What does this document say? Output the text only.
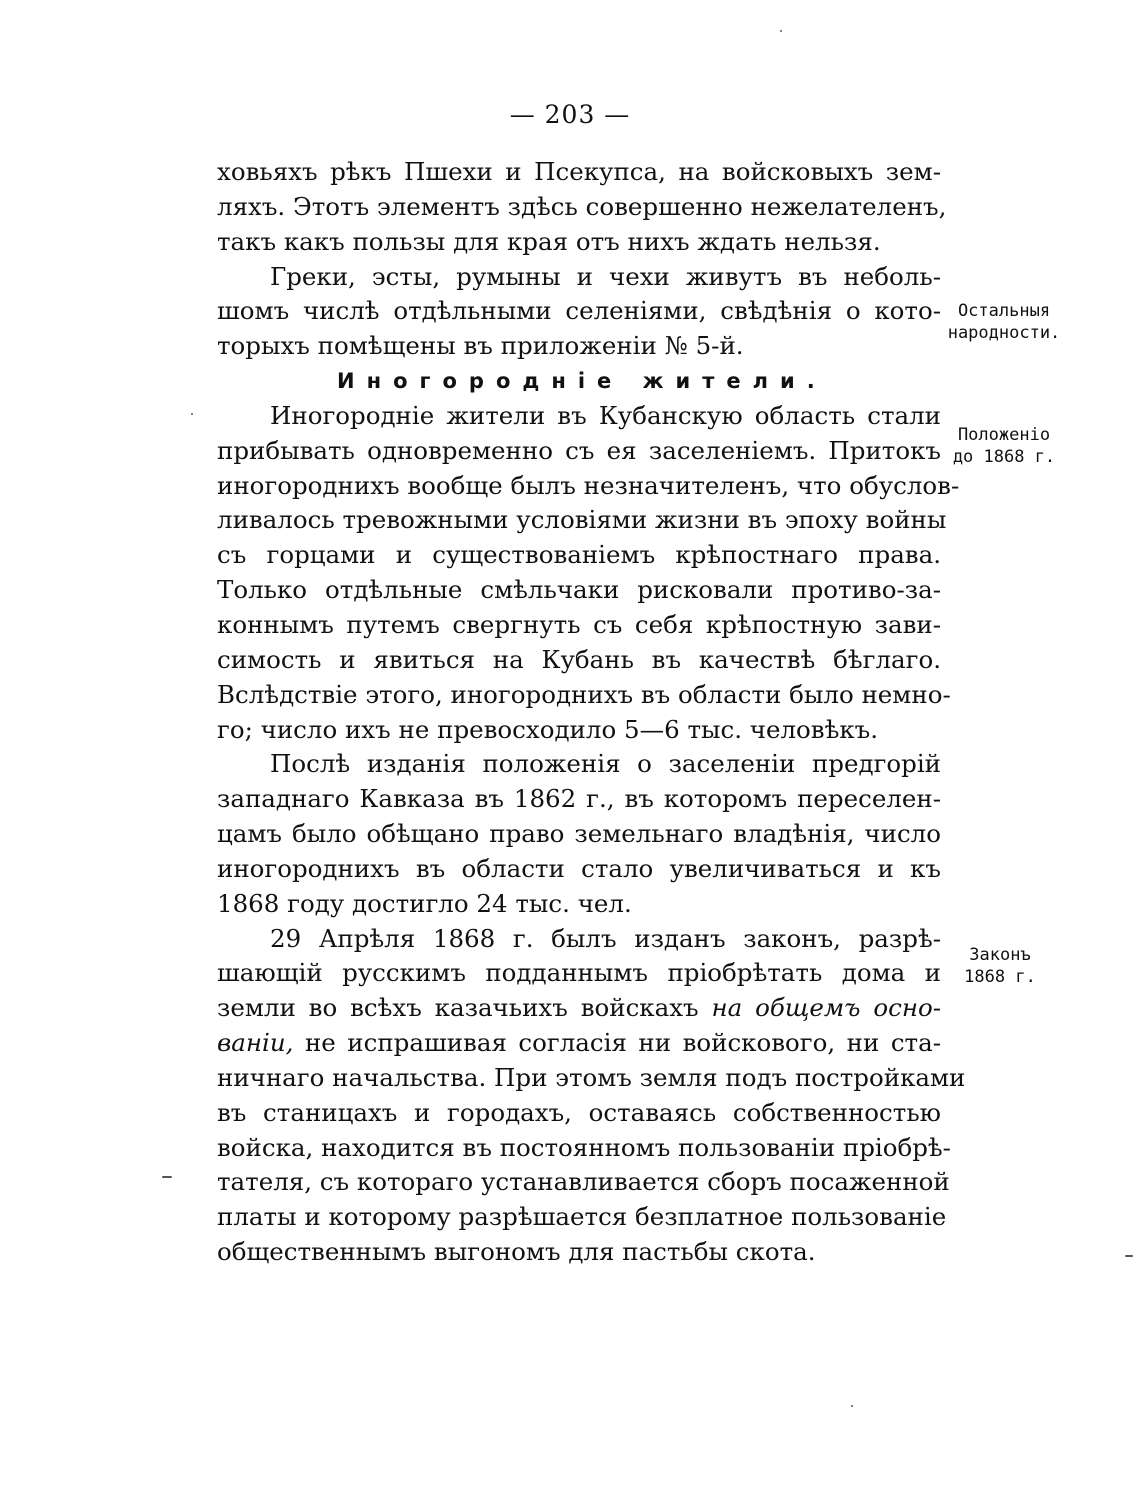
— 203 —
ховьяхъ рѣкъ Пшехи и Псекупса, на войсковыхъ зем-
ляхъ. Этотъ элементъ здѣсь совершенно нежелателенъ,
такъ какъ пользы для края отъ нихъ ждать нельзя.
Греки, эсты, румыны и чехи живутъ въ неболь-
шомъ числѣ отдѣльными селеніями, свѣдѣнія о кото-
торыхъ помѣщены въ приложеніи № 5-й.
Иногородніе жители.
Иногородніе жители въ Кубанскую область стали
прибывать одновременно съ ея заселеніемъ. Притокъ
иногороднихъ вообще былъ незначителенъ, что обуслов-
ливалось тревожными условіями жизни въ эпоху войны
съ горцами и существованіемъ крѣпостнаго права.
Только отдѣльные смѣльчаки рисковали противо-за-
коннымъ путемъ свергнуть съ себя крѣпостную зави-
симость и явиться на Кубань въ качествѣ бѣглаго.
Вслѣдствіе этого, иногороднихъ въ области было немно-
го; число ихъ не превосходило 5—6 тыс. человѣкъ.
Послѣ изданія положенія о заселеніи предгорій
западнаго Кавказа въ 1862 г., въ которомъ переселен-
цамъ было обѣщано право земельнаго владѣнія, число
иногороднихъ въ области стало увеличиваться и къ
1868 году достигло 24 тыс. чел.
29 Апрѣля 1868 г. былъ изданъ законъ, разрѣ-
шающій русскимъ подданнымъ пріобрѣтать дома и
земли во всѣхъ казачьихъ войскахъ на общемъ осно-
ваніи, не испрашивая согласія ни войскового, ни ста-
ничнаго начальства. При этомъ земля подъ постройками
въ станицахъ и городахъ, оставаясь собственностью
войска, находится въ постоянномъ пользованіи пріобрѣ-
тателя, съ котораго устанавливается сборъ посаженной
платы и которому разрѣшается безплатное пользованіе
общественнымъ выгономъ для пастьбы скота.
Остальныя
народности.
Положеніо
до 1868 г.
Законъ
1868 г.
